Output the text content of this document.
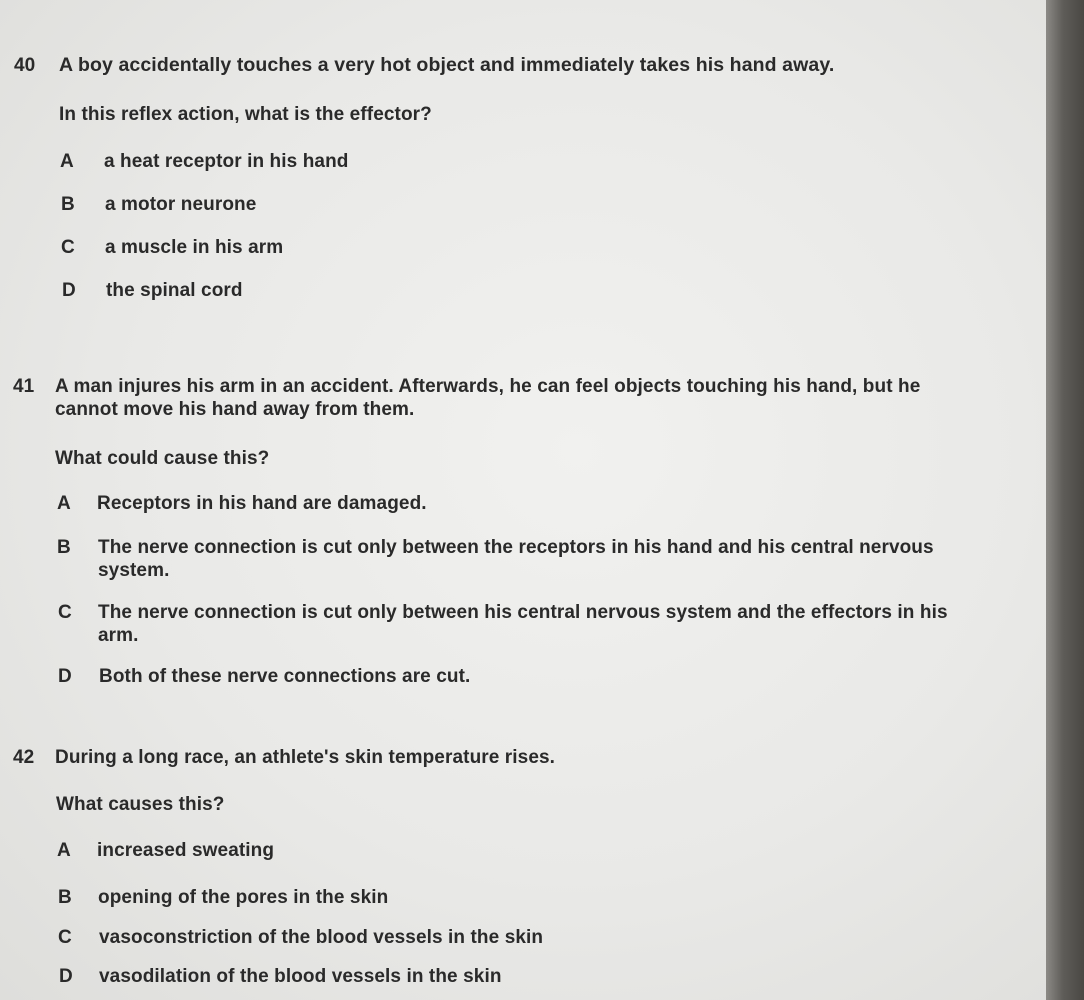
40 A boy accidentally touches a very hot object and immediately takes his hand away.
In this reflex action, what is the effector?
A a heat receptor in his hand
B a motor neurone
C a muscle in his arm
D the spinal cord
41 A man injures his arm in an accident. Afterwards, he can feel objects touching his hand, but he
cannot move his hand away from them.
What could cause this?
A Receptors in his hand are damaged.
B The nerve connection is cut only between the receptors in his hand and his central nervous
system.
C The nerve connection is cut only between his central nervous system and the effectors in his
arm.
D Both of these nerve connections are cut.
42 During a long race, an athlete's skin temperature rises.
What causes this?
A increased sweating
B opening of the pores in the skin
C vasoconstriction of the blood vessels in the skin
D vasodilation of the blood vessels in the skin
